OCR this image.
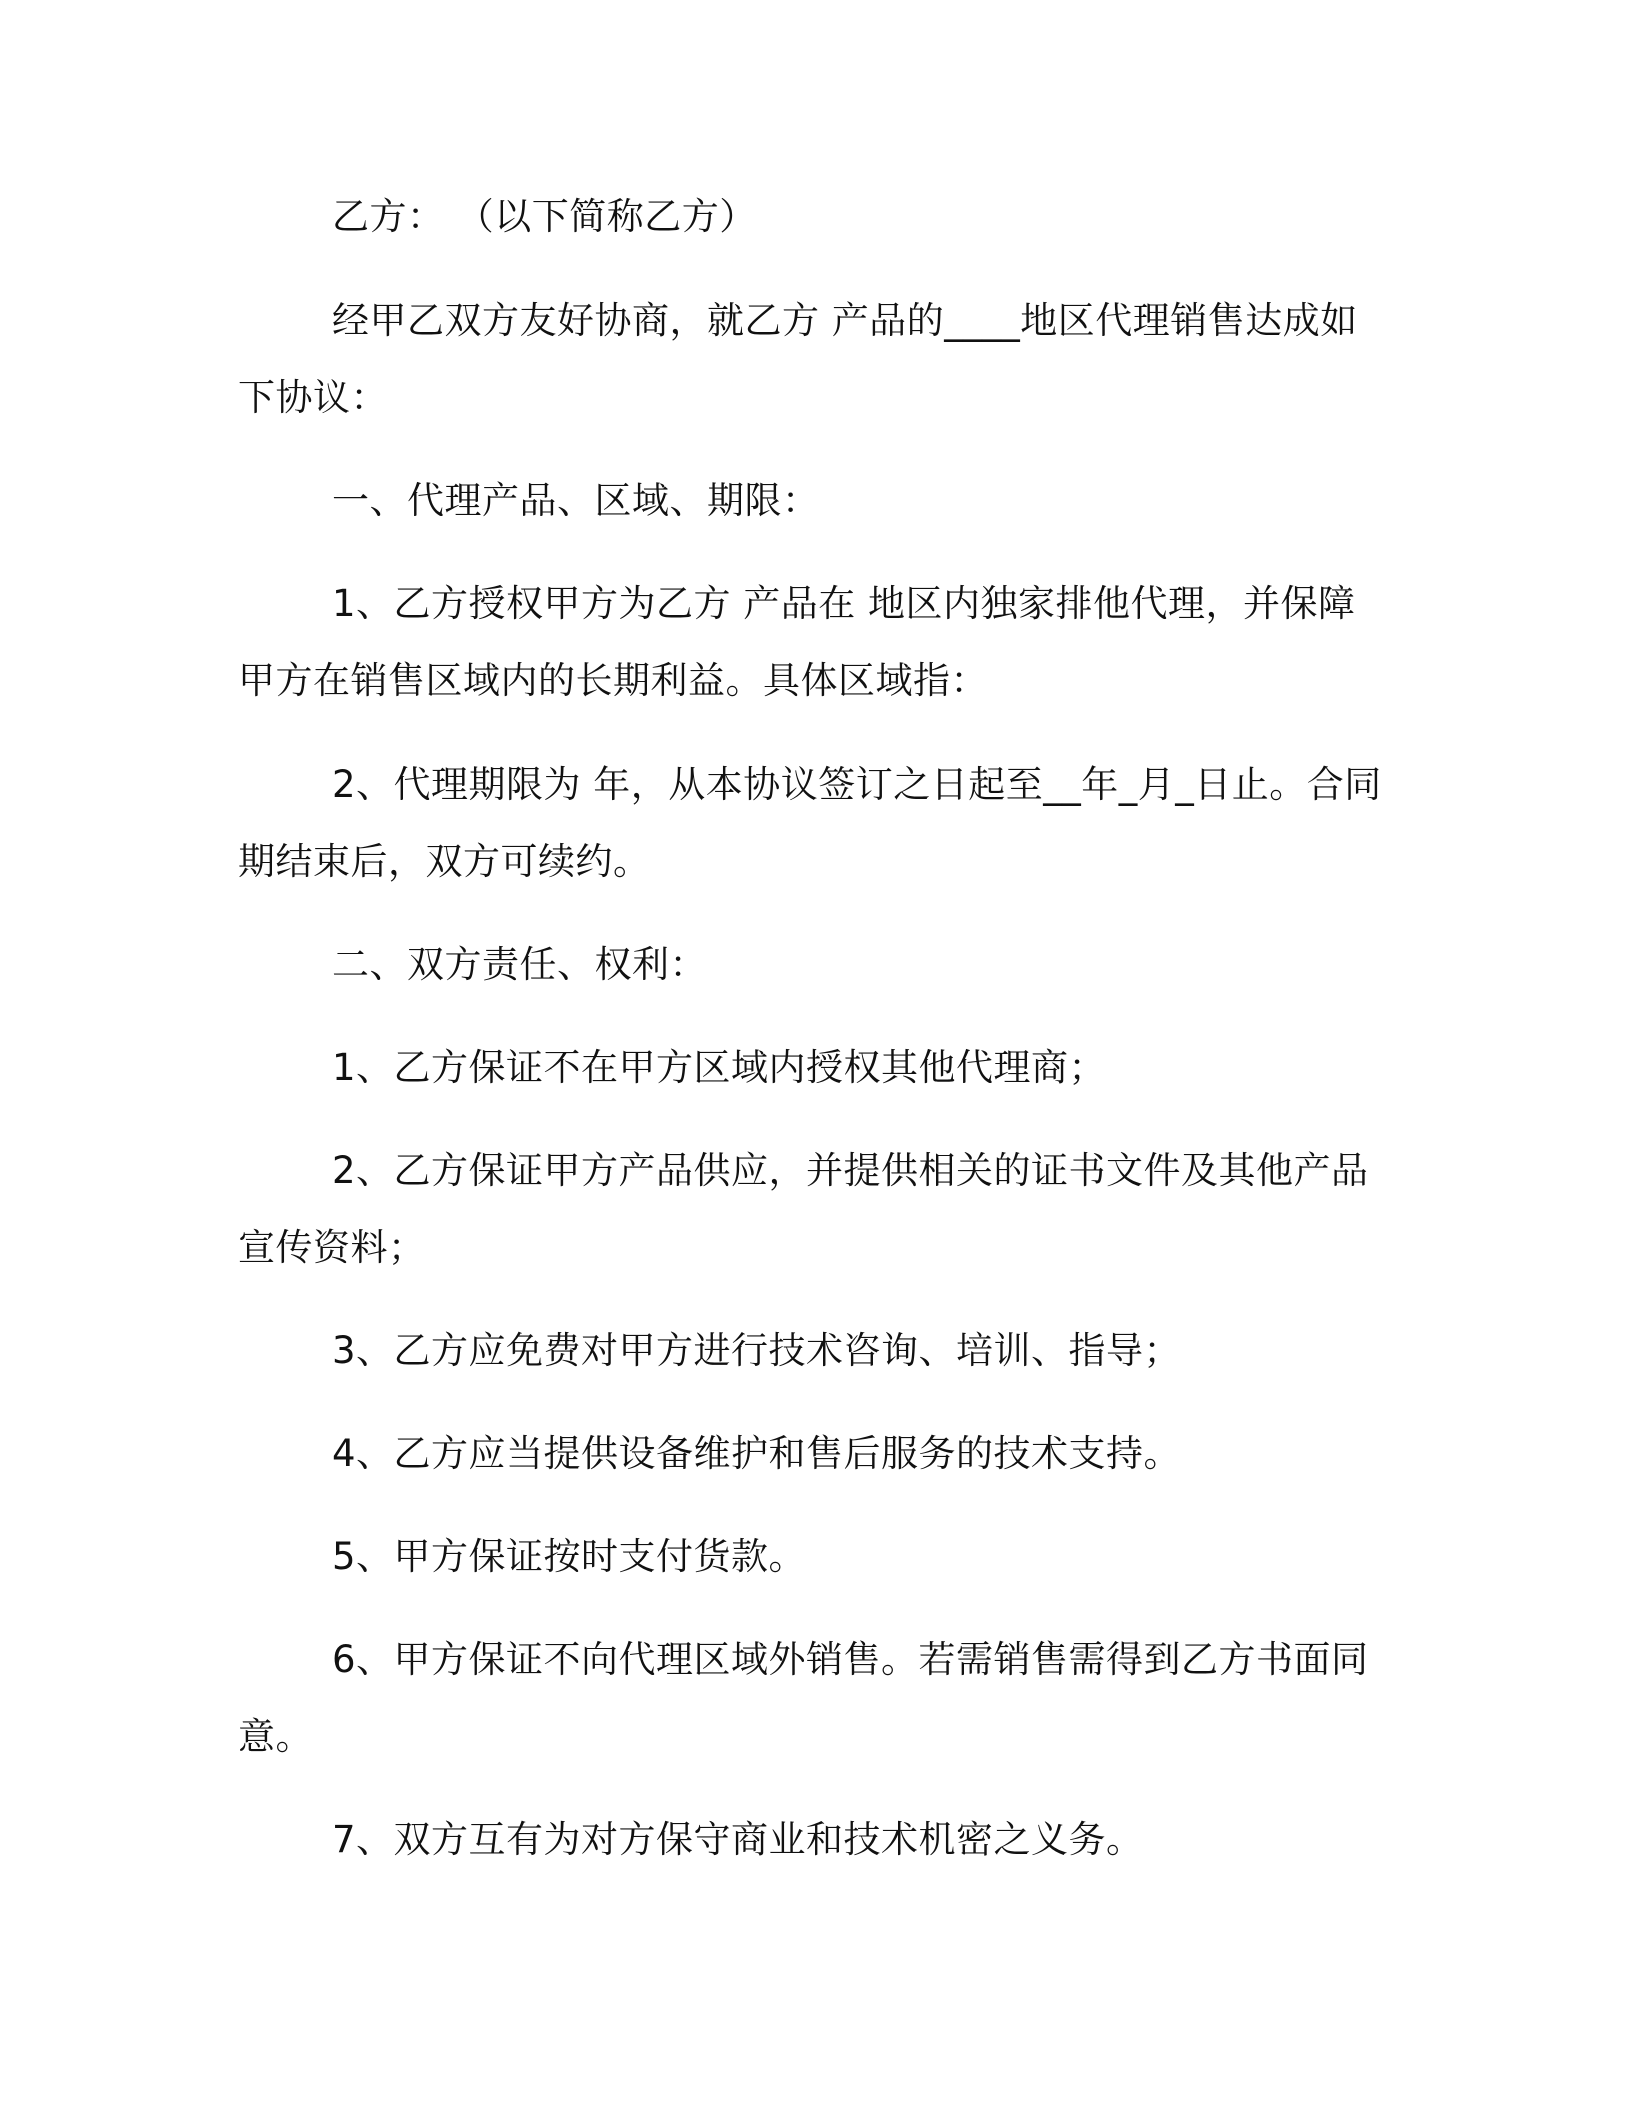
乙方： （以下简称乙方）

经甲乙双方友好协商，就乙方 产品的____地区代理销售达成如下协议：

一、代理产品、区域、期限：

1、乙方授权甲方为乙方 产品在 地区内独家排他代理，并保障甲方在销售区域内的长期利益。具体区域指：

2、代理期限为 年，从本协议签订之日起至__年_月_日止。合同期结束后，双方可续约。

二、双方责任、权利：

1、乙方保证不在甲方区域内授权其他代理商；

2、乙方保证甲方产品供应，并提供相关的证书文件及其他产品宣传资料；

3、乙方应免费对甲方进行技术咨询、培训、指导；

4、乙方应当提供设备维护和售后服务的技术支持。

5、甲方保证按时支付货款。

6、甲方保证不向代理区域外销售。若需销售需得到乙方书面同意。

7、双方互有为对方保守商业和技术机密之义务。
